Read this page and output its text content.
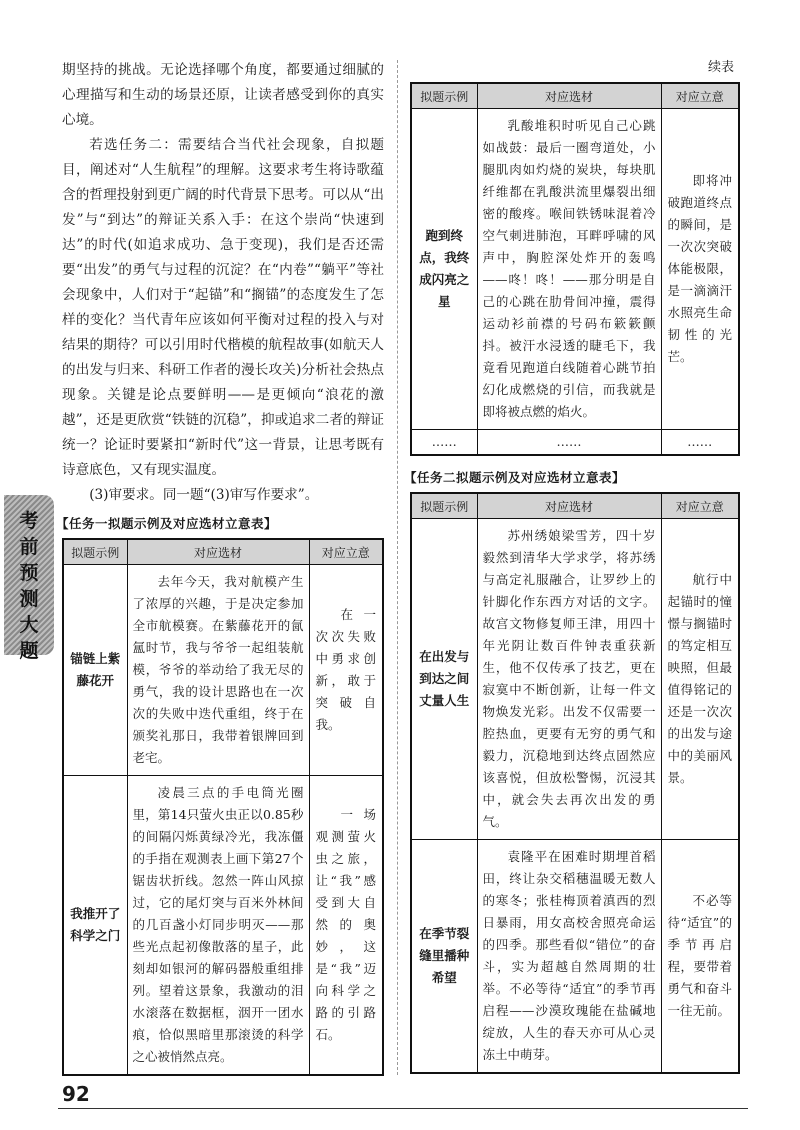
考前预测大题

期坚持的挑战。无论选择哪个角度，都要通过细腻的心理描写和生动的场景还原，让读者感受到你的真实心境。

若选任务二：需要结合当代社会现象，自拟题目，阐述对“人生航程”的理解。这要求考生将诗歌蕴含的哲理投射到更广阔的时代背景下思考。可以从“出发”与“到达”的辩证关系入手：在这个崇尚“快速到达”的时代(如追求成功、急于变现)，我们是否还需要“出发”的勇气与过程的沉淀？在“内卷”“躺平”等社会现象中，人们对于“起锚”和“搁锚”的态度发生了怎样的变化？当代青年应该如何平衡对过程的投入与对结果的期待？可以引用时代楷模的航程故事(如航天人的出发与归来、科研工作者的漫长攻关)分析社会热点现象。关键是论点要鲜明——是更倾向“浪花的激越”，还是更欣赏“铁链的沉稳”，抑或追求二者的辩证统一？论证时要紧扣“新时代”这一背景，让思考既有诗意底色，又有现实温度。

(3)审要求。同一题“(3)审写作要求”。

【任务一拟题示例及对应选材立意表】
拟题示例	对应选材	对应立意
锚链上紫藤花开	去年今天，我对航模产生了浓厚的兴趣，于是决定参加全市航模赛。在紫藤花开的氤氲时节，我与爷爷一起组装航模，爷爷的举动给了我无尽的勇气，我的设计思路也在一次次的失败中迭代重组，终于在颁奖礼那日，我带着银牌回到老宅。	在一次次失败中勇求创新，敢于突破自我。
我推开了科学之门	凌晨三点的手电筒光圈里，第14只萤火虫正以0.85秒的间隔闪烁黄绿冷光，我冻僵的手指在观测表上画下第27个锯齿状折线。忽然一阵山风掠过，它的尾灯突与百米外林间的几百盏小灯同步明灭——那些光点起初像散落的星子，此刻却如银河的解码器般重组排列。望着这景象，我激动的泪水滚落在数据框，洇开一团水痕，恰似黑暗里那滚烫的科学之心被悄然点亮。	一场观测萤火虫之旅，让“我”感受到大自然的奥妙，这是“我”迈向科学之路的引路石。
续表
拟题示例	对应选材	对应立意
跑到终点，我终成闪亮之星	乳酸堆积时听见自己心跳如战鼓：最后一圈弯道处，小腿肌肉如灼烧的炭块，每块肌纤维都在乳酸洪流里爆裂出细密的酸疼。喉间铁锈味混着冷空气刺进肺泡，耳畔呼啸的风声中，胸腔深处炸开的轰鸣——咚！咚！——那分明是自己的心跳在肋骨间冲撞，震得运动衫前襟的号码布簌簌颤抖。被汗水浸透的睫毛下，我竟看见跑道白线随着心跳节拍幻化成燃烧的引信，而我就是即将被点燃的焰火。	即将冲破跑道终点的瞬间，是一次次突破体能极限，是一滴滴汗水照亮生命韧性的光芒。
……	……	……
【任务二拟题示例及对应选材立意表】
拟题示例	对应选材	对应立意
在出发与到达之间丈量人生	苏州绣娘梁雪芳，四十岁毅然到清华大学求学，将苏绣与高定礼服融合，让罗纱上的针脚化作东西方对话的文字。故宫文物修复师王津，用四十年光阴让数百件钟表重获新生，他不仅传承了技艺，更在寂寞中不断创新，让每一件文物焕发光彩。出发不仅需要一腔热血，更要有无穷的勇气和毅力，沉稳地到达终点固然应该喜悦，但放松警惕，沉浸其中，就会失去再次出发的勇气。	航行中起锚时的憧憬与搁锚时的笃定相互映照，但最值得铭记的还是一次次的出发与途中的美丽风景。
在季节裂缝里播种希望	袁隆平在困难时期埋首稻田，终让杂交稻穗温暖无数人的寒冬；张桂梅顶着滇西的烈日暴雨，用女高校舍照亮命运的四季。那些看似“错位”的奋斗，实为超越自然周期的壮举。不必等待“适宜”的季节再启程——沙漠玫瑰能在盐碱地绽放，人生的春天亦可从心灵冻土中萌芽。	不必等待“适宜”的季节再启程，要带着勇气和奋斗一往无前。
92
